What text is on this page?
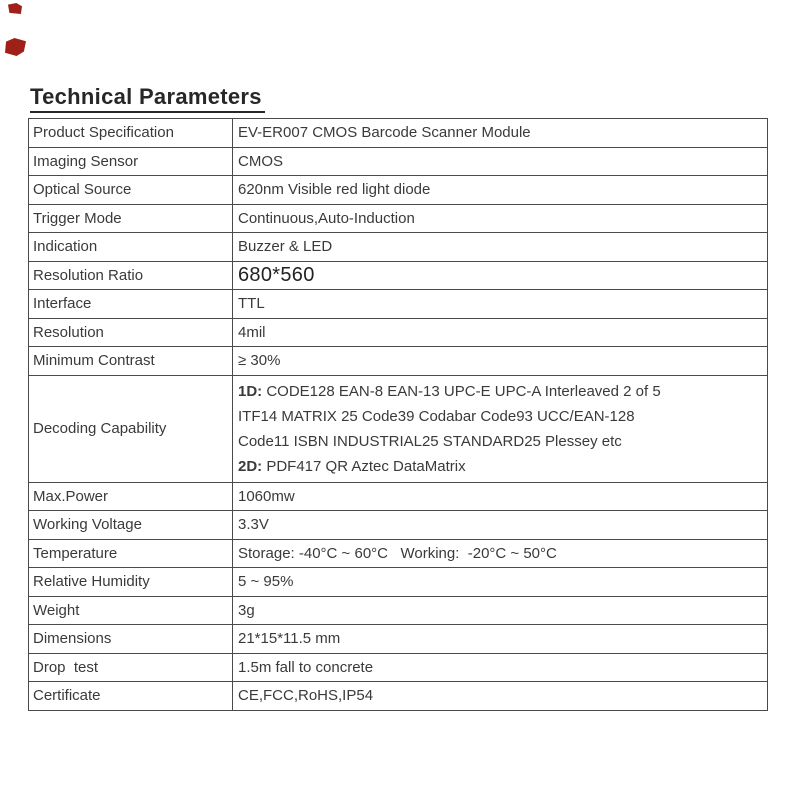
Technical Parameters
Product Specification	EV-ER007 CMOS Barcode Scanner Module
Imaging Sensor	CMOS
Optical Source	620nm Visible red light diode
Trigger Mode	Continuous,Auto-Induction
Indication	Buzzer & LED
Resolution Ratio	680*560
Interface	TTL
Resolution	4mil
Minimum Contrast	≥ 30%
Decoding Capability	1D: CODE128 EAN-8 EAN-13 UPC-E UPC-A Interleaved 2 of 5
ITF14 MATRIX 25 Code39 Codabar Code93 UCC/EAN-128
Code11 ISBN INDUSTRIAL25 STANDARD25 Plessey etc
2D: PDF417 QR Aztec DataMatrix

Max.Power	1060mw
Working Voltage	3.3V
Temperature	Storage: -40°C ~ 60°C   Working:  -20°C ~ 50°C
Relative Humidity	5 ~ 95%
Weight	3g
Dimensions	21*15*11.5 mm
Drop  test	1.5m fall to concrete
Certificate	CE,FCC,RoHS,IP54
